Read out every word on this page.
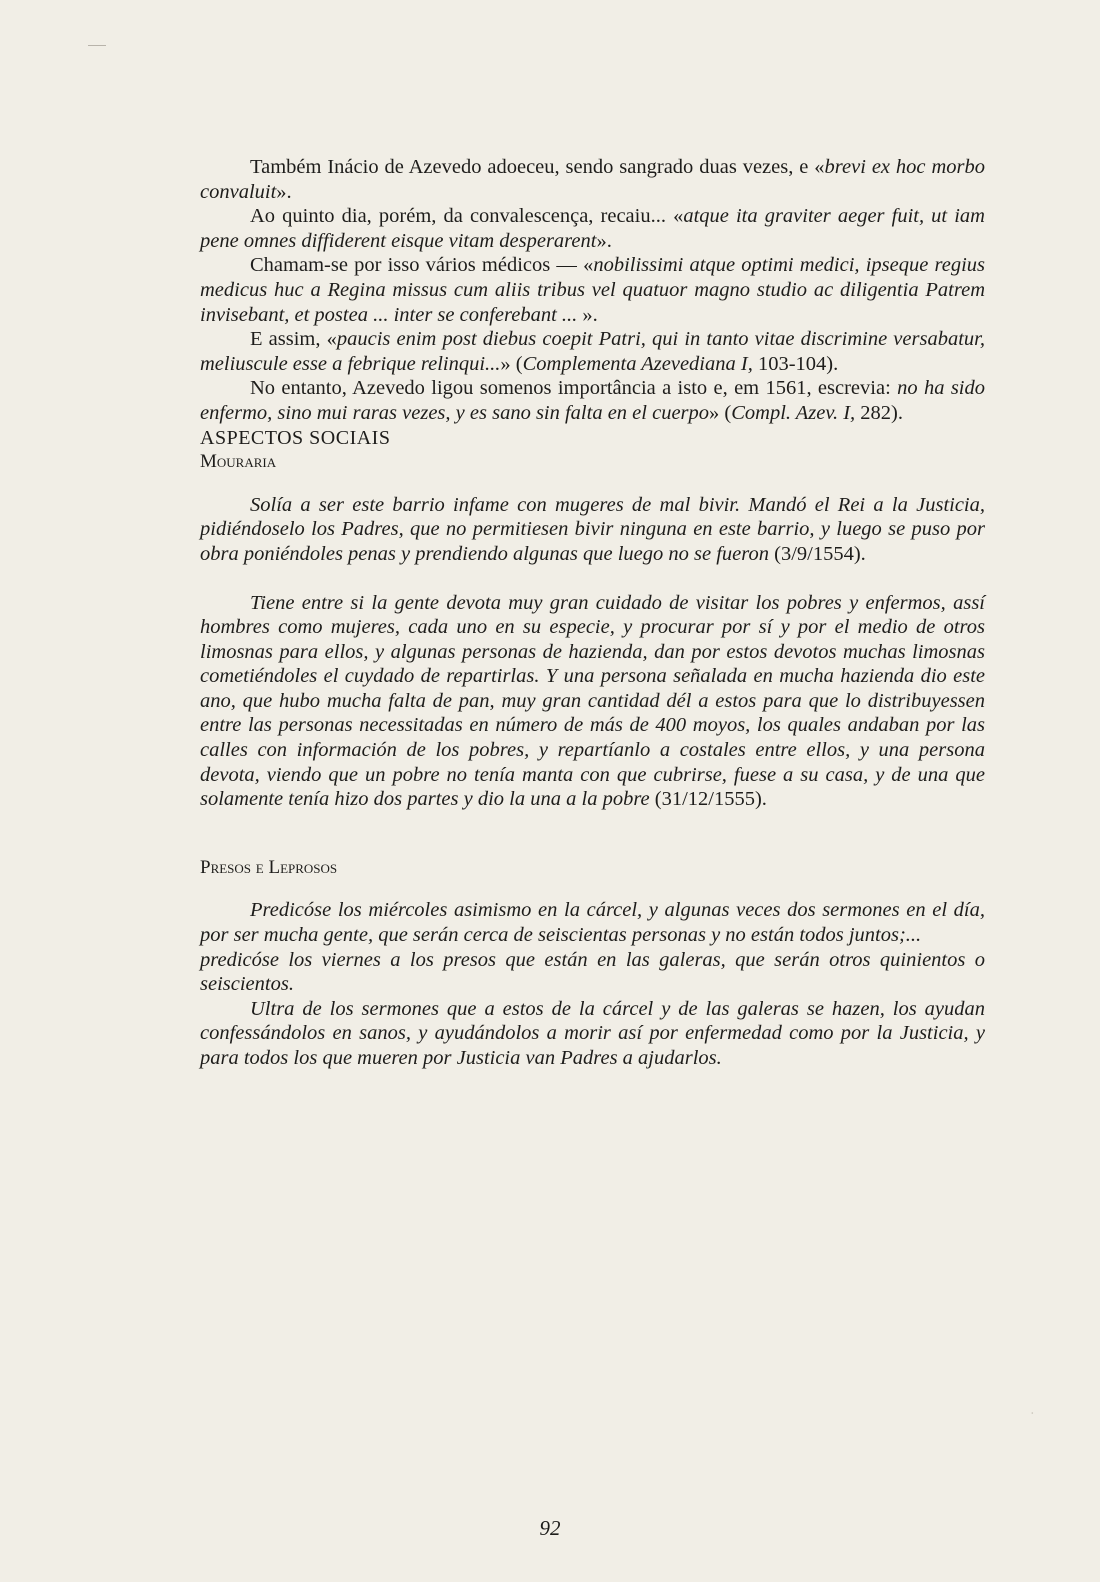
Também Inácio de Azevedo adoeceu, sendo sangrado duas vezes, e «brevi ex hoc morbo convaluit».

Ao quinto dia, porém, da convalescença, recaiu... «atque ita graviter aeger fuit, ut iam pene omnes diffiderent eisque vitam desperarent».

Chamam-se por isso vários médicos — «nobilissimi atque optimi medici, ipseque regius medicus huc a Regina missus cum aliis tribus vel quatuor magno studio ac diligentia Patrem invisebant, et postea ... inter se conferebant ... ».

E assim, «paucis enim post diebus coepit Patri, qui in tanto vitae discrimine versabatur, meliuscule esse a febrique relinqui...» (Complementa Azevediana I, 103-104).

No entanto, Azevedo ligou somenos importância a isto e, em 1561, escrevia: no ha sido enfermo, sino mui raras vezes, y es sano sin falta en el cuerpo» (Compl. Azev. I, 282).

ASPECTOS SOCIAIS

Mouraria

Solía a ser este barrio infame con mugeres de mal bivir. Mandó el Rei a la Justicia, pidiéndoselo los Padres, que no permitiesen bivir ninguna en este barrio, y luego se puso por obra poniéndoles penas y prendiendo algunas que luego no se fueron (3/9/1554).

Tiene entre si la gente devota muy gran cuidado de visitar los pobres y enfermos, assí hombres como mujeres, cada uno en su especie, y procurar por sí y por el medio de otros limosnas para ellos, y algunas personas de hazienda, dan por estos devotos muchas limosnas cometiéndoles el cuydado de repartirlas. Y una persona señalada en mucha hazienda dio este ano, que hubo mucha falta de pan, muy gran cantidad dél a estos para que lo distribuyessen entre las personas necessitadas en número de más de 400 moyos, los quales andaban por las calles con información de los pobres, y repartíanlo a costales entre ellos, y una persona devota, viendo que un pobre no tenía manta con que cubrirse, fuese a su casa, y de una que solamente tenía hizo dos partes y dio la una a la pobre (31/12/1555).

Presos e Leprosos

Predicóse los miércoles asimismo en la cárcel, y algunas veces dos sermones en el día, por ser mucha gente, que serán cerca de seiscientas personas y no están todos juntos;...

predicóse los viernes a los presos que están en las galeras, que serán otros quinientos o seiscientos.

Ultra de los sermones que a estos de la cárcel y de las galeras se hazen, los ayudan confessándolos en sanos, y ayudándolos a morir así por enfermedad como por la Justicia, y para todos los que mueren por Justicia van Padres a ajudarlos.

92
·
